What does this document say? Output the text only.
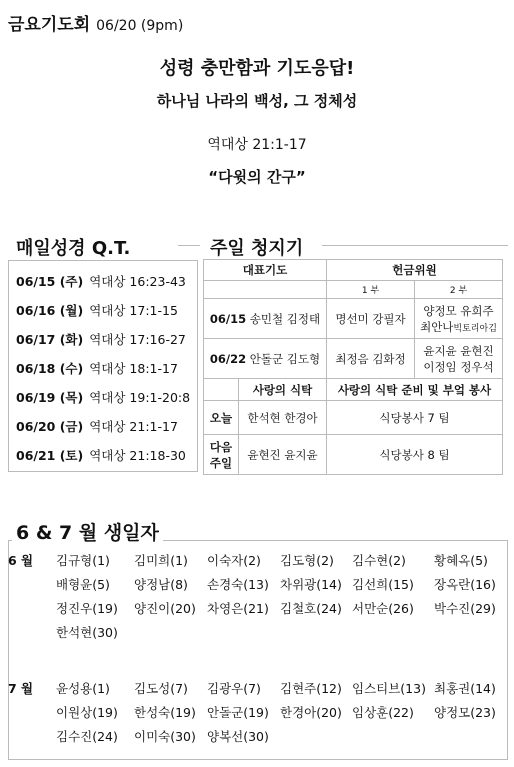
금요기도회 06/20 (9pm)
성령 충만함과 기도응답!
하나님 나라의 백성, 그 정체성
역대상 21:1-17
“다윗의 간구”
매일성경 Q.T.
06/15 (주) 역대상 16:23-43
06/16 (월) 역대상 17:1-15
06/17 (화) 역대상 17:16-27
06/18 (수) 역대상 18:1-17
06/19 (목) 역대상 19:1-20:8
06/20 (금) 역대상 21:1-17
06/21 (토) 역대상 21:18-30
주일 청지기
대표기도		헌금위원	
		1 부	2 부
06/15 송민철 김정태		명선미 강필자	양정모 유희주
최안나빅토리아김
06/22 안돌군 김도형		최정음 김화정	윤지윤 윤현진
이정임 정우석
	사랑의 식탁	사랑의 식탁 준비 및 부엌 봉사	
오늘	한석현 한경아	식당봉사 7 팀	
다음 주일	윤현진 윤지윤	식당봉사 8 팀	
6 & 7 월 생일자
6 월
7 월
김규형(1) 김미희(1) 이숙자(2) 김도형(2) 김수현(2) 황혜옥(5)
배형윤(5) 양정남(8) 손경숙(13) 차위광(14) 김선희(15) 장옥란(16)
정진우(19) 양진이(20) 차영은(21) 김철호(24) 서만순(26) 박수진(29)
한석현(30)
윤성용(1) 김도성(7) 김광우(7) 김현주(12) 임스티브(13) 최홍권(14)
이원상(19) 한성숙(19) 안돌군(19) 한경아(20) 임상훈(22) 양정모(23)
김수진(24) 이미숙(30) 양복선(30)
